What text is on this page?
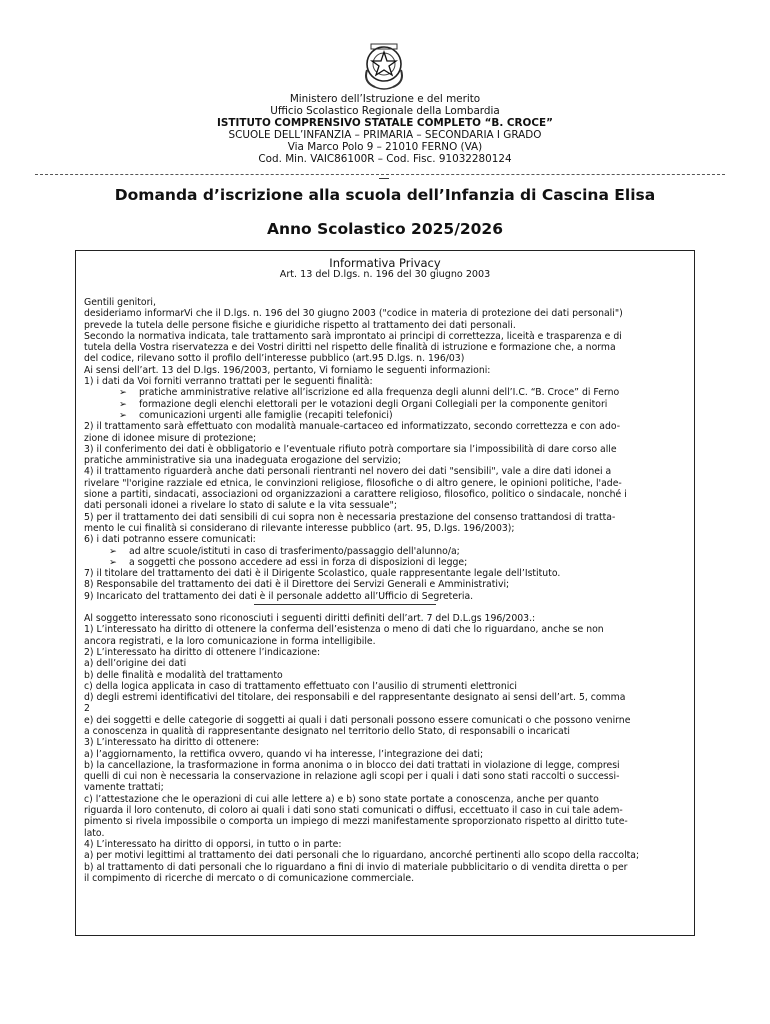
Ministero dell’Istruzione e del merito
Ufficio Scolastico Regionale della Lombardia
ISTITUTO COMPRENSIVO STATALE COMPLETO “B. CROCE”
SCUOLE DELL’INFANZIA – PRIMARIA – SECONDARIA I GRADO
Via Marco Polo 9 – 21010 FERNO (VA)
Cod. Min. VAIC86100R – Cod. Fisc. 91032280124
Domanda d’iscrizione alla scuola dell’Infanzia di Cascina Elisa
Anno Scolastico 2025/2026
Informativa Privacy
Art. 13 del D.lgs. n. 196 del 30 giugno 2003
Gentili genitori,
desideriamo informarVi che il D.lgs. n. 196 del 30 giugno 2003 ("codice in materia di protezione dei dati personali")
prevede la tutela delle persone fisiche e giuridiche rispetto al trattamento dei dati personali.
Secondo la normativa indicata, tale trattamento sarà improntato ai principi di correttezza, liceità e trasparenza e di
tutela della Vostra riservatezza e dei Vostri diritti nel rispetto delle finalità di istruzione e formazione che, a norma
del codice, rilevano sotto il profilo dell’interesse pubblico (art.95 D.lgs. n. 196/03)
Ai sensi dell’art. 13 del D.lgs. 196/2003, pertanto, Vi forniamo le seguenti informazioni:
1) i dati da Voi forniti verranno trattati per le seguenti finalità:
➢ pratiche amministrative relative all’iscrizione ed alla frequenza degli alunni dell’I.C. “B. Croce” di Ferno
➢ formazione degli elenchi elettorali per le votazioni degli Organi Collegiali per la componente genitori
➢ comunicazioni urgenti alle famiglie (recapiti telefonici)
2) il trattamento sarà effettuato con modalità manuale-cartaceo ed informatizzato, secondo correttezza e con ado-
zione di idonee misure di protezione;
3) il conferimento dei dati è obbligatorio e l’eventuale rifiuto potrà comportare sia l’impossibilità di dare corso alle
pratiche amministrative sia una inadeguata erogazione del servizio;
4) il trattamento riguarderà anche dati personali rientranti nel novero dei dati "sensibili", vale a dire dati idonei a
rivelare "l'origine razziale ed etnica, le convinzioni religiose, filosofiche o di altro genere, le opinioni politiche, l'ade-
sione a partiti, sindacati, associazioni od organizzazioni a carattere religioso, filosofico, politico o sindacale, nonché i
dati personali idonei a rivelare lo stato di salute e la vita sessuale";
5) per il trattamento dei dati sensibili di cui sopra non è necessaria prestazione del consenso trattandosi di tratta-
mento le cui finalità si considerano di rilevante interesse pubblico (art. 95, D.lgs. 196/2003);
6) i dati potranno essere comunicati:
➢ ad altre scuole/istituti in caso di trasferimento/passaggio dell'alunno/a;
➢ a soggetti che possono accedere ad essi in forza di disposizioni di legge;
7) il titolare del trattamento dei dati è il Dirigente Scolastico, quale rappresentante legale dell’Istituto.
8) Responsabile del trattamento dei dati è il Direttore dei Servizi Generali e Amministrativi;
9) Incaricato del trattamento dei dati è il personale addetto all’Ufficio di Segreteria.
Al soggetto interessato sono riconosciuti i seguenti diritti definiti dell’art. 7 del D.L.gs 196/2003.:
1) L’interessato ha diritto di ottenere la conferma dell’esistenza o meno di dati che lo riguardano, anche se non
ancora registrati, e la loro comunicazione in forma intelligibile.
2) L’interessato ha diritto di ottenere l’indicazione:
a) dell’origine dei dati
b) delle finalità e modalità del trattamento
c) della logica applicata in caso di trattamento effettuato con l’ausilio di strumenti elettronici
d) degli estremi identificativi del titolare, dei responsabili e del rappresentante designato ai sensi dell’art. 5, comma
2
e) dei soggetti e delle categorie di soggetti ai quali i dati personali possono essere comunicati o che possono venirne
a conoscenza in qualità di rappresentante designato nel territorio dello Stato, di responsabili o incaricati
3) L’interessato ha diritto di ottenere:
a) l’aggiornamento, la rettifica ovvero, quando vi ha interesse, l’integrazione dei dati;
b) la cancellazione, la trasformazione in forma anonima o in blocco dei dati trattati in violazione di legge, compresi
quelli di cui non è necessaria la conservazione in relazione agli scopi per i quali i dati sono stati raccolti o successi-
vamente trattati;
c) l’attestazione che le operazioni di cui alle lettere a) e b) sono state portate a conoscenza, anche per quanto
riguarda il loro contenuto, di coloro ai quali i dati sono stati comunicati o diffusi, eccettuato il caso in cui tale adem-
pimento si rivela impossibile o comporta un impiego di mezzi manifestamente sproporzionato rispetto al diritto tute-
lato.
4) L’interessato ha diritto di opporsi, in tutto o in parte:
a) per motivi legittimi al trattamento dei dati personali che lo riguardano, ancorché pertinenti allo scopo della raccolta;
b) al trattamento di dati personali che lo riguardano a fini di invio di materiale pubblicitario o di vendita diretta o per
il compimento di ricerche di mercato o di comunicazione commerciale.
